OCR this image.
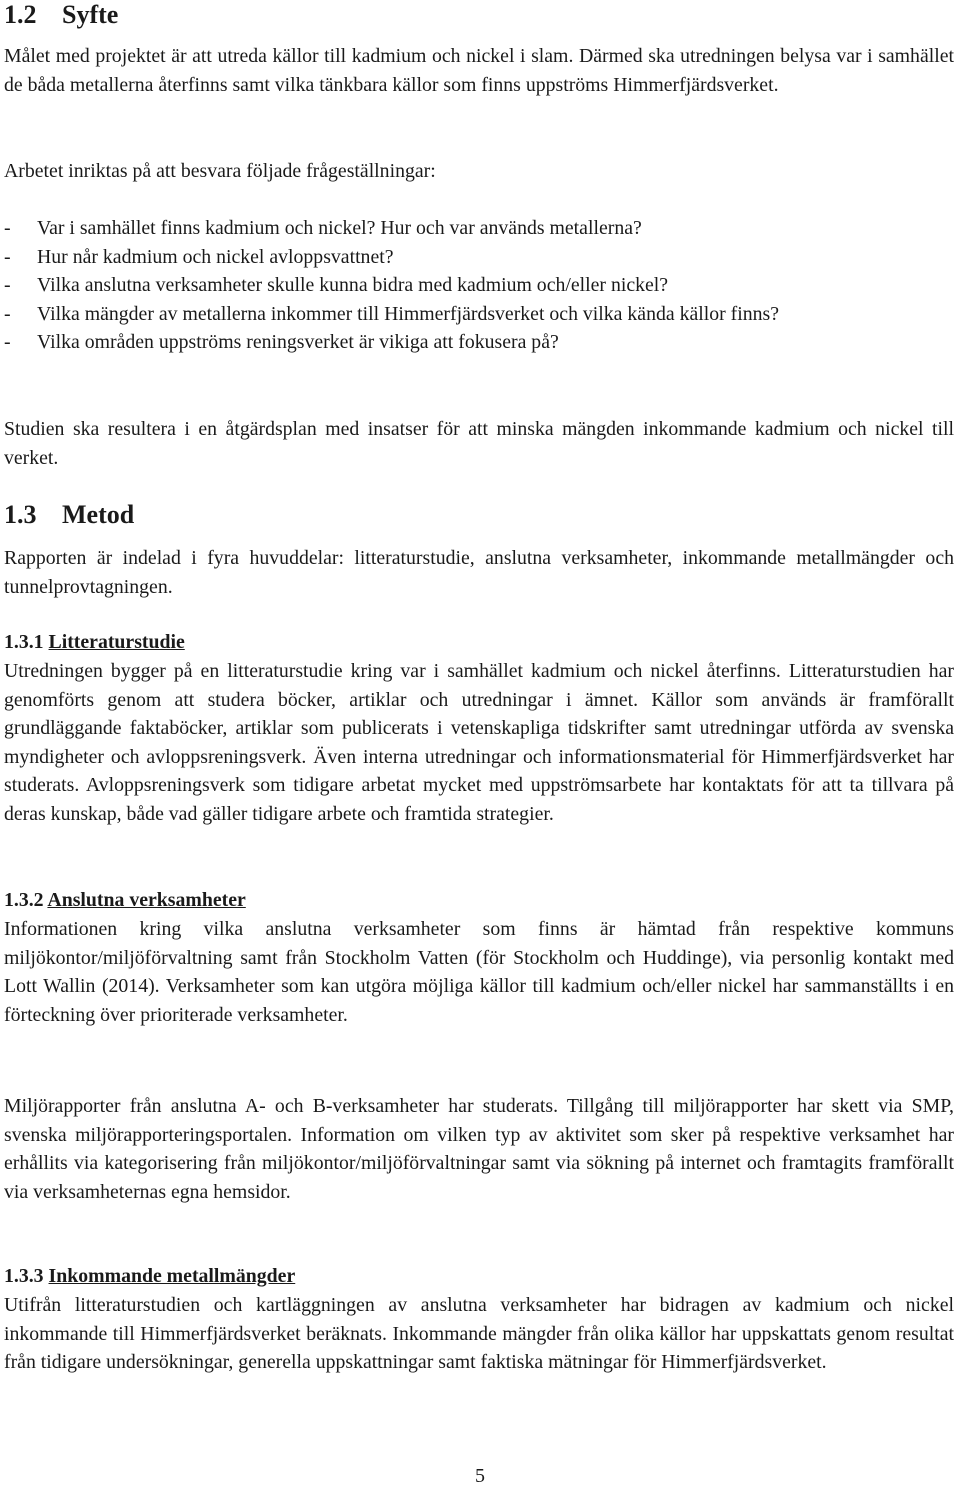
1.2 Syfte

Målet med projektet är att utreda källor till kadmium och nickel i slam. Därmed ska utredningen belysa var i samhället de båda metallerna återfinns samt vilka tänkbara källor som finns uppströms Himmerfjärdsverket.

Arbetet inriktas på att besvara följade frågeställningar:

-	Var i samhället finns kadmium och nickel? Hur och var används metallerna?
-	Hur når kadmium och nickel avloppsvattnet?
-	Vilka anslutna verksamheter skulle kunna bidra med kadmium och/eller nickel?
-	Vilka mängder av metallerna inkommer till Himmerfjärdsverket och vilka kända källor finns?
-	Vilka områden uppströms reningsverket är vikiga att fokusera på?

Studien ska resultera i en åtgärdsplan med insatser för att minska mängden inkommande kadmium och nickel till verket.

1.3 Metod

Rapporten är indelad i fyra huvuddelar: litteraturstudie, anslutna verksamheter, inkommande metallmängder och tunnelprovtagningen.

1.3.1 Litteraturstudie

Utredningen bygger på en litteraturstudie kring var i samhället kadmium och nickel återfinns. Litteraturstudien har genomförts genom att studera böcker, artiklar och utredningar i ämnet. Källor som används är framförallt grundläggande faktaböcker, artiklar som publicerats i vetenskapliga tidskrifter samt utredningar utförda av svenska myndigheter och avloppsreningsverk. Även interna utredningar och informationsmaterial för Himmerfjärdsverket har studerats. Avloppsreningsverk som tidigare arbetat mycket med uppströmsarbete har kontaktats för att ta tillvara på deras kunskap, både vad gäller tidigare arbete och framtida strategier.

1.3.2 Anslutna verksamheter

Informationen kring vilka anslutna verksamheter som finns är hämtad från respektive kommuns miljökontor/miljöförvaltning samt från Stockholm Vatten (för Stockholm och Huddinge), via personlig kontakt med Lott Wallin (2014). Verksamheter som kan utgöra möjliga källor till kadmium och/eller nickel har sammanställts i en förteckning över prioriterade verksamheter.

Miljörapporter från anslutna A- och B-verksamheter har studerats. Tillgång till miljörapporter har skett via SMP, svenska miljörapporteringsportalen. Information om vilken typ av aktivitet som sker på respektive verksamhet har erhållits via kategorisering från miljökontor/miljöförvaltningar samt via sökning på internet och framtagits framförallt via verksamheternas egna hemsidor.

1.3.3 Inkommande metallmängder

Utifrån litteraturstudien och kartläggningen av anslutna verksamheter har bidragen av kadmium och nickel inkommande till Himmerfjärdsverket beräknats. Inkommande mängder från olika källor har uppskattats genom resultat från tidigare undersökningar, generella uppskattningar samt faktiska mätningar för Himmerfjärdsverket.

5
